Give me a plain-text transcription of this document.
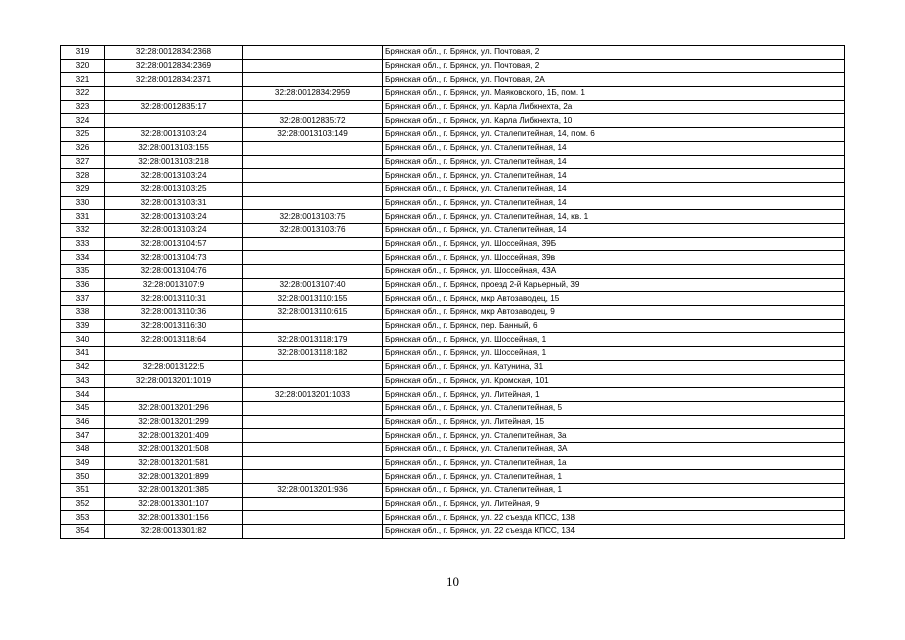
319	32:28:0012834:2368		Брянская обл., г. Брянск, ул. Почтовая, 2
320	32:28:0012834:2369		Брянская обл., г. Брянск, ул. Почтовая, 2
321	32:28:0012834:2371		Брянская обл., г. Брянск, ул. Почтовая, 2А
322		32:28:0012834:2959	Брянская обл., г. Брянск, ул. Маяковского, 1Б, пом. 1
323	32:28:0012835:17		Брянская обл., г. Брянск, ул. Карла Либкнехта, 2а
324		32:28:0012835:72	Брянская обл., г. Брянск, ул. Карла Либкнехта, 10
325	32:28:0013103:24	32:28:0013103:149	Брянская обл., г. Брянск, ул. Сталепитейная, 14, пом. 6
326	32:28:0013103:155		Брянская обл., г. Брянск, ул. Сталепитейная, 14
327	32:28:0013103:218		Брянская обл., г. Брянск, ул. Сталепитейная, 14
328	32:28:0013103:24		Брянская обл., г. Брянск, ул. Сталепитейная, 14
329	32:28:0013103:25		Брянская обл., г. Брянск, ул. Сталепитейная, 14
330	32:28:0013103:31		Брянская обл., г. Брянск, ул. Сталепитейная, 14
331	32:28:0013103:24	32:28:0013103:75	Брянская обл., г. Брянск, ул. Сталепитейная, 14, кв. 1
332	32:28:0013103:24	32:28:0013103:76	Брянская обл., г. Брянск, ул. Сталепитейная, 14
333	32:28:0013104:57		Брянская обл., г. Брянск, ул. Шоссейная, 39Б
334	32:28:0013104:73		Брянская обл., г. Брянск, ул. Шоссейная, 39в
335	32:28:0013104:76		Брянская обл., г. Брянск, ул. Шоссейная, 43А
336	32:28:0013107:9	32:28:0013107:40	Брянская обл., г. Брянск, проезд 2-й Карьерный, 39
337	32:28:0013110:31	32:28:0013110:155	Брянская обл., г. Брянск, мкр Автозаводец, 15
338	32:28:0013110:36	32:28:0013110:615	Брянская обл., г. Брянск, мкр Автозаводец, 9
339	32:28:0013116:30		Брянская обл., г. Брянск, пер. Банный, 6
340	32:28:0013118:64	32:28:0013118:179	Брянская обл., г. Брянск, ул. Шоссейная, 1
341		32:28:0013118:182	Брянская обл., г. Брянск, ул. Шоссейная, 1
342	32:28:0013122:5		Брянская обл., г. Брянск, ул. Катунина, 31
343	32:28:0013201:1019		Брянская обл., г. Брянск, ул. Кромская, 101
344		32:28:0013201:1033	Брянская обл., г. Брянск, ул. Литейная, 1
345	32:28:0013201:296		Брянская обл., г. Брянск, ул. Сталепитейная, 5
346	32:28:0013201:299		Брянская обл., г. Брянск, ул. Литейная, 15
347	32:28:0013201:409		Брянская обл., г. Брянск, ул. Сталепитейная, 3а
348	32:28:0013201:508		Брянская обл., г. Брянск, ул. Сталепитейная, 3А
349	32:28:0013201:581		Брянская обл., г. Брянск, ул. Сталепитейная, 1а
350	32:28:0013201:899		Брянская обл., г. Брянск, ул. Сталепитейная, 1
351	32:28:0013201:385	32:28:0013201:936	Брянская обл., г. Брянск, ул. Сталепитейная, 1
352	32:28:0013301:107		Брянская обл., г. Брянск, ул. Литейная, 9
353	32:28:0013301:156		Брянская обл., г. Брянск, ул. 22 съезда КПСС, 138
354	32:28:0013301:82		Брянская обл., г. Брянск, ул. 22 съезда КПСС, 134
10
